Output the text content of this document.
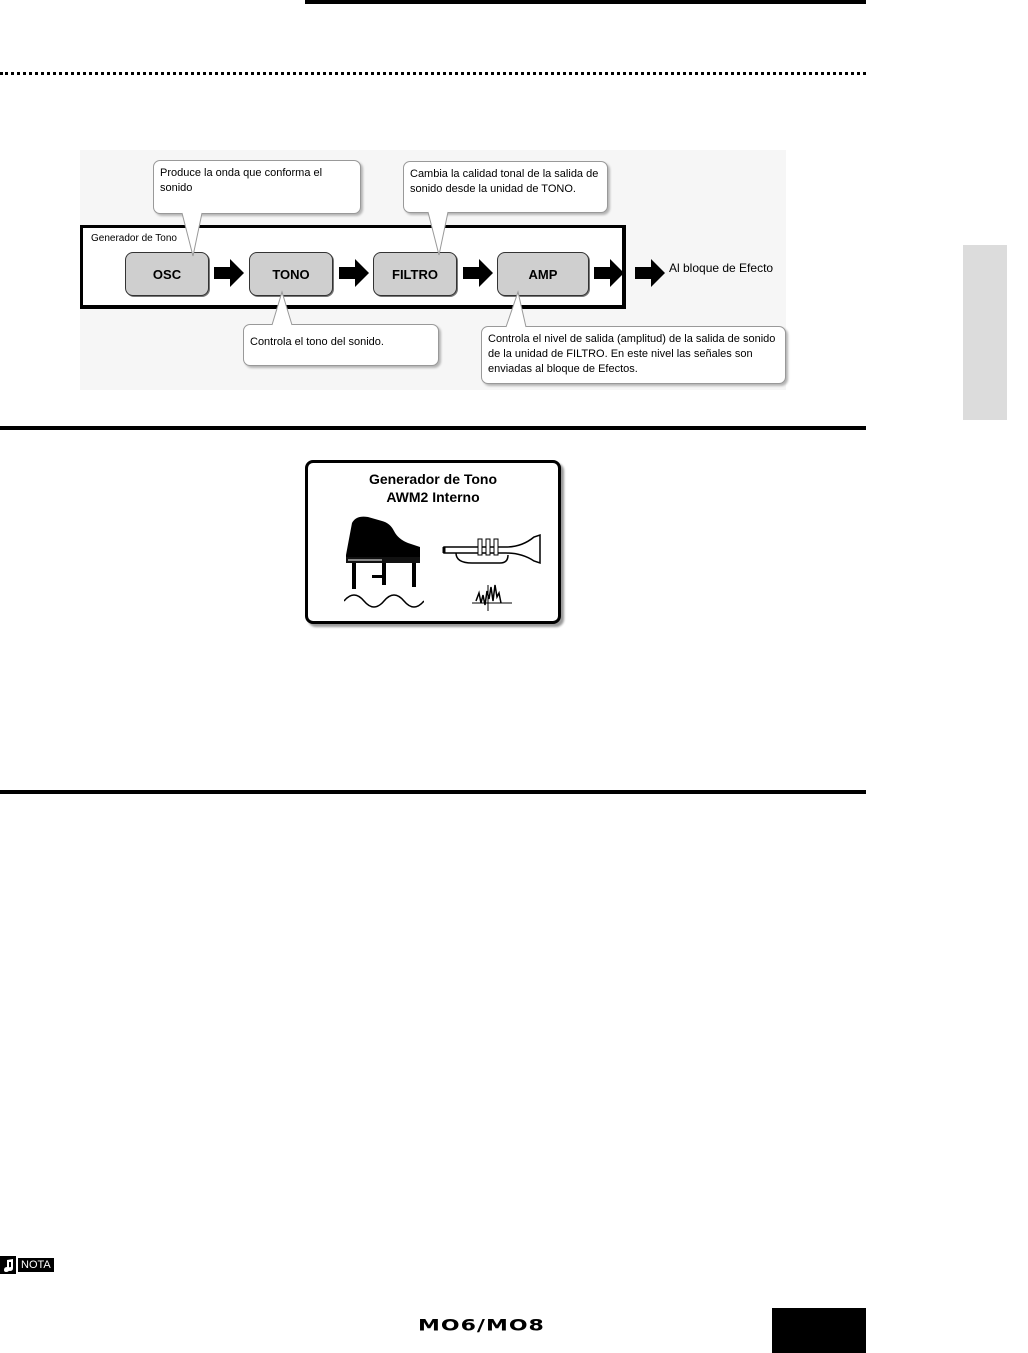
Generador de Tono
OSC	TONO	FILTRO	AMP	Al bloque de Efecto
Produce la onda que conforma el sonido
Cambia la calidad tonal de la salida de sonido desde la unidad de TONO.
Controla el tono del sonido.	Controla el nivel de salida (amplitud) de la salida de sonido de la unidad de FILTRO. En este nivel las señales son enviadas al bloque de Efectos.
Generador de Tono
AWM2 Interno
NOTA
MO6/MO8
